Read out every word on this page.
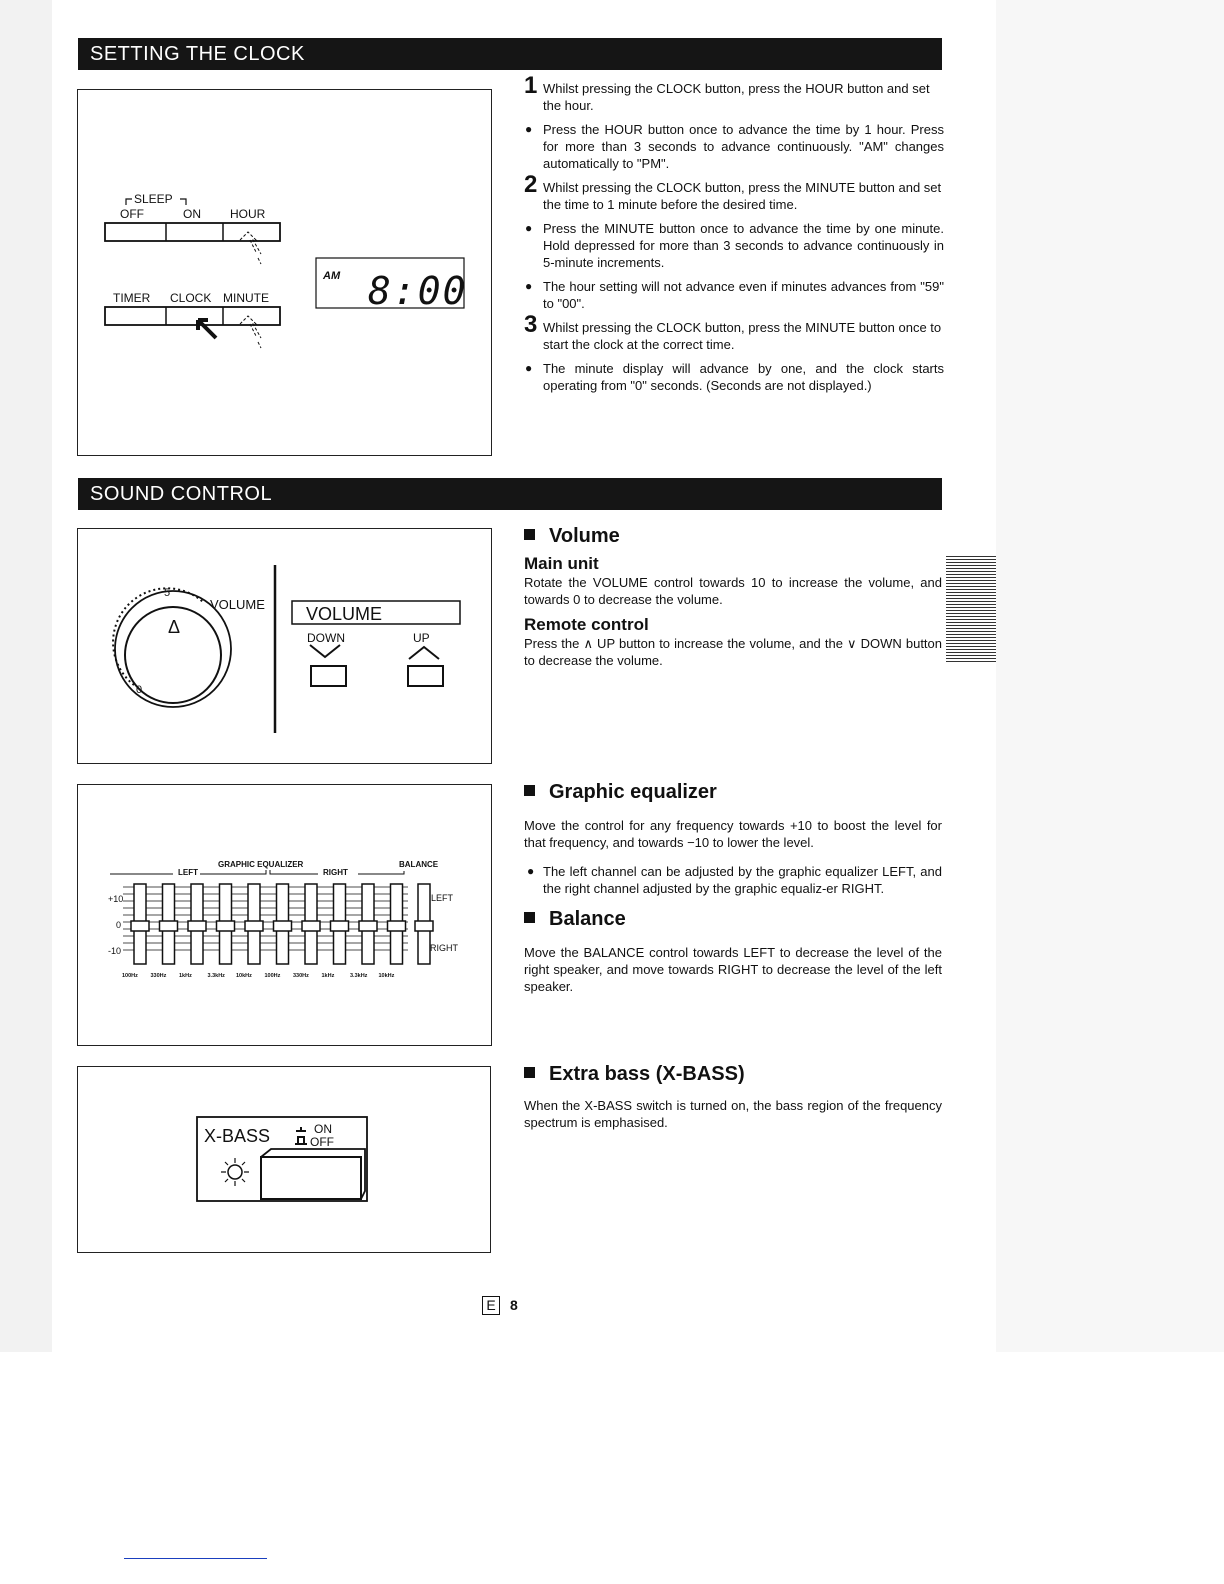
SETTING THE CLOCK
SLEEP
OFF	ON HOUR
TIMER CLOCK MINUTE
AM 8:00
1 Whilst pressing the CLOCK button, press the HOUR button and set the hour.
● Press the HOUR button once to advance the time by 1 hour. Press for more than 3 seconds to advance continuously. "AM" changes automatically to "PM".
2 Whilst pressing the CLOCK button, press the MINUTE button and set the time to 1 minute before the desired time.
● Press the MINUTE button once to advance the time by one minute. Hold depressed for more than 3 seconds to advance continuously in 5-minute increments.
● The hour setting will not advance even if minutes advances from "59" to "00".
3 Whilst pressing the CLOCK button, press the MINUTE button once to start the clock at the correct time.
● The minute display will advance by one, and the clock starts operating from "0" seconds. (Seconds are not displayed.)
SOUND CONTROL
Δ
0
5
VOLUME VOLUME
DOWN	UP
Volume
Main unit
Rotate the VOLUME control towards 10 to increase the volume, and towards 0 to decrease the volume.
Remote control
Press the ∧ UP button to increase the volume, and the ∨ DOWN button to decrease the volume.
GRAPHIC EQUALIZER
LEFT	RIGHT
BALANCE
+10
0
-10
100Hz 330Hz 1kHz	3.3kHz 10kHz 100Hz 330Hz 1kHz	3.3kHz 10kHz
LEFT
RIGHT
Graphic equalizer
Move the control for any frequency towards +10 to boost the level for that frequency, and towards −10 to lower the level.
● The left channel can be adjusted by the graphic equalizer LEFT, and the right channel adjusted by the graphic equaliz-er RIGHT.
Balance
Move the BALANCE control towards LEFT to decrease the level of the right speaker, and move towards RIGHT to decrease the level of the left speaker.
X-BASS	ON
OFF
Extra bass (X-BASS)
When the X-BASS switch is turned on, the bass region of the frequency spectrum is emphasised.
E 8
